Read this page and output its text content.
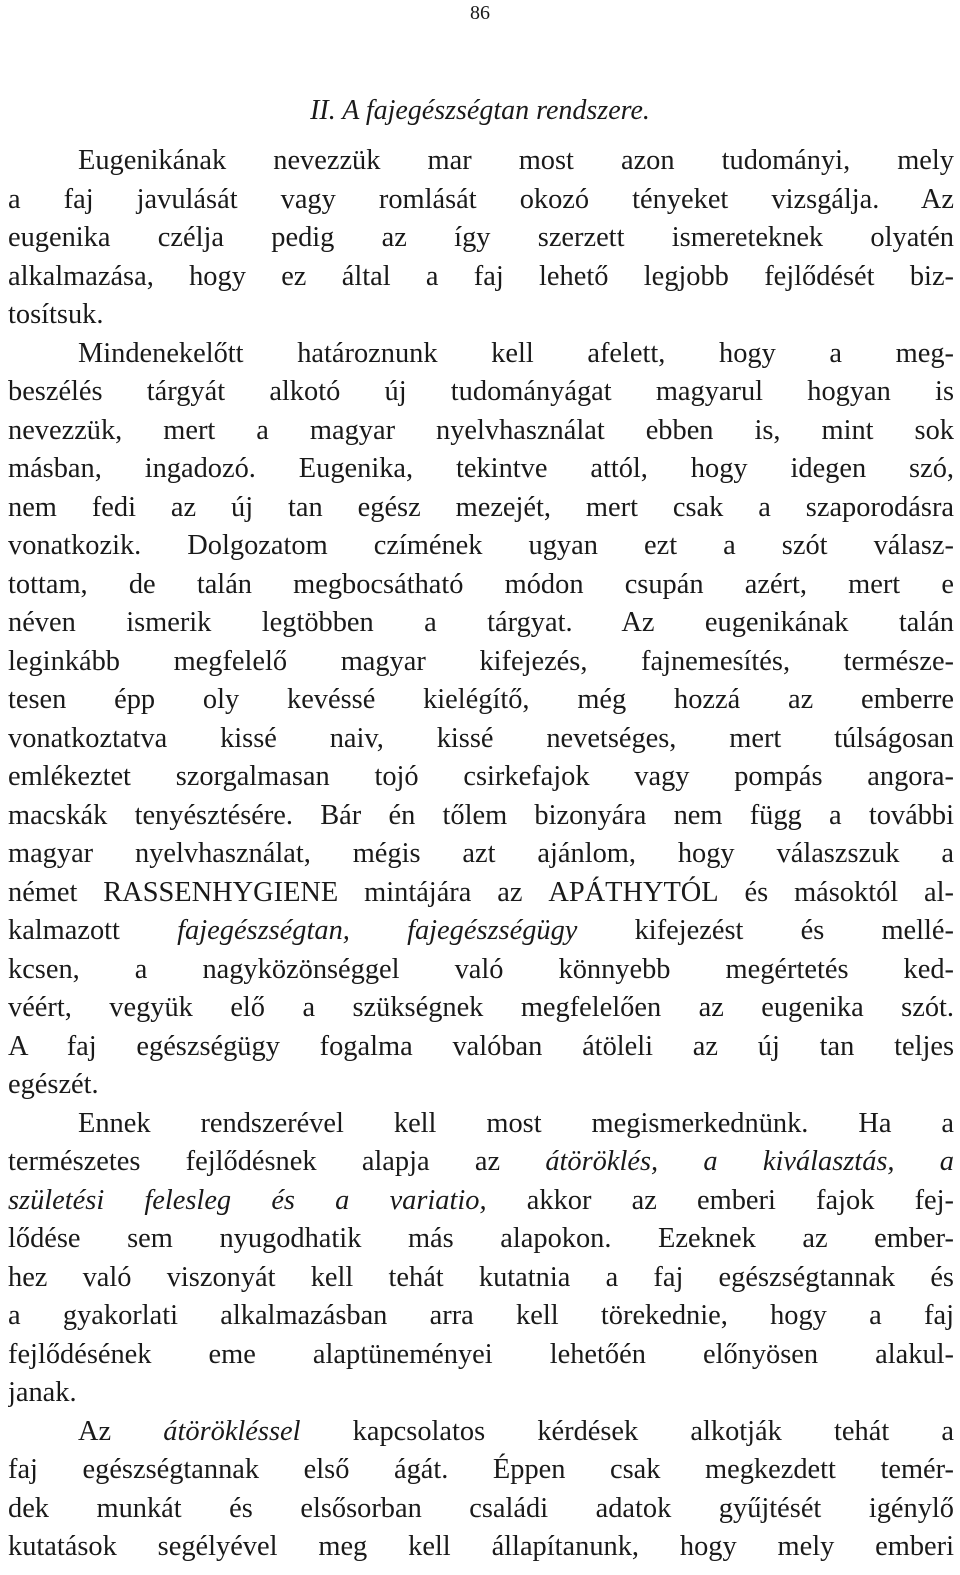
86
II. A fajegészségtan rendszere.
Eugenikának nevezzük mar most azon tudományi, mely
a faj javulását vagy romlását okozó tényeket vizsgálja. Az
eugenika czélja pedig az így szerzett ismereteknek olyatén
alkalmazása, hogy ez által a faj lehető legjobb fejlődését biz-
tosítsuk.
Mindenekelőtt határoznunk kell afelett, hogy a meg-
beszélés tárgyát alkotó új tudományágat magyarul hogyan is
nevezzük, mert a magyar nyelvhasználat ebben is, mint sok
másban, ingadozó. Eugenika, tekintve attól, hogy idegen szó,
nem fedi az új tan egész mezejét, mert csak a szaporodásra
vonatkozik. Dolgozatom czímének ugyan ezt a szót válasz-
tottam, de talán megbocsátható módon csupán azért, mert e
néven ismerik legtöbben a tárgyat. Az eugenikának talán
leginkább megfelelő magyar kifejezés, fajnemesítés, természe-
tesen épp oly kevéssé kielégítő, még hozzá az emberre
vonatkoztatva kissé naiv, kissé nevetséges, mert túlságosan
emlékeztet szorgalmasan tojó csirkefajok vagy pompás angora-
macskák tenyésztésére. Bár én tőlem bizonyára nem függ a további
magyar nyelvhasználat, mégis azt ajánlom, hogy válaszszuk a
német RASSENHYGIENE mintájára az APÁTHYTÓL és másoktól al-
kalmazott fajegészségtan, fajegészségügy kifejezést és mellé-
kcsen, a nagyközönséggel való könnyebb megértetés ked-
véért, vegyük elő a szükségnek megfelelően az eugenika szót.
A faj egészségügy fogalma valóban átöleli az új tan teljes
egészét.
Ennek rendszerével kell most megismerkednünk. Ha a
természetes fejlődésnek alapja az átöröklés, a kiválasztás, a
születési felesleg és a variatio, akkor az emberi fajok fej-
lődése sem nyugodhatik más alapokon. Ezeknek az ember-
hez való viszonyát kell tehát kutatnia a faj egészségtannak és
a gyakorlati alkalmazásban arra kell törekednie, hogy a faj
fejlődésének eme alaptüneményei lehetőén előnyösen alakul-
janak.
Az átörökléssel kapcsolatos kérdések alkotják tehát a
faj egészségtannak első ágát. Éppen csak megkezdett temér-
dek munkát és elsősorban családi adatok gyűjtését igénylő
kutatások segélyével meg kell állapítanunk, hogy mely emberi
